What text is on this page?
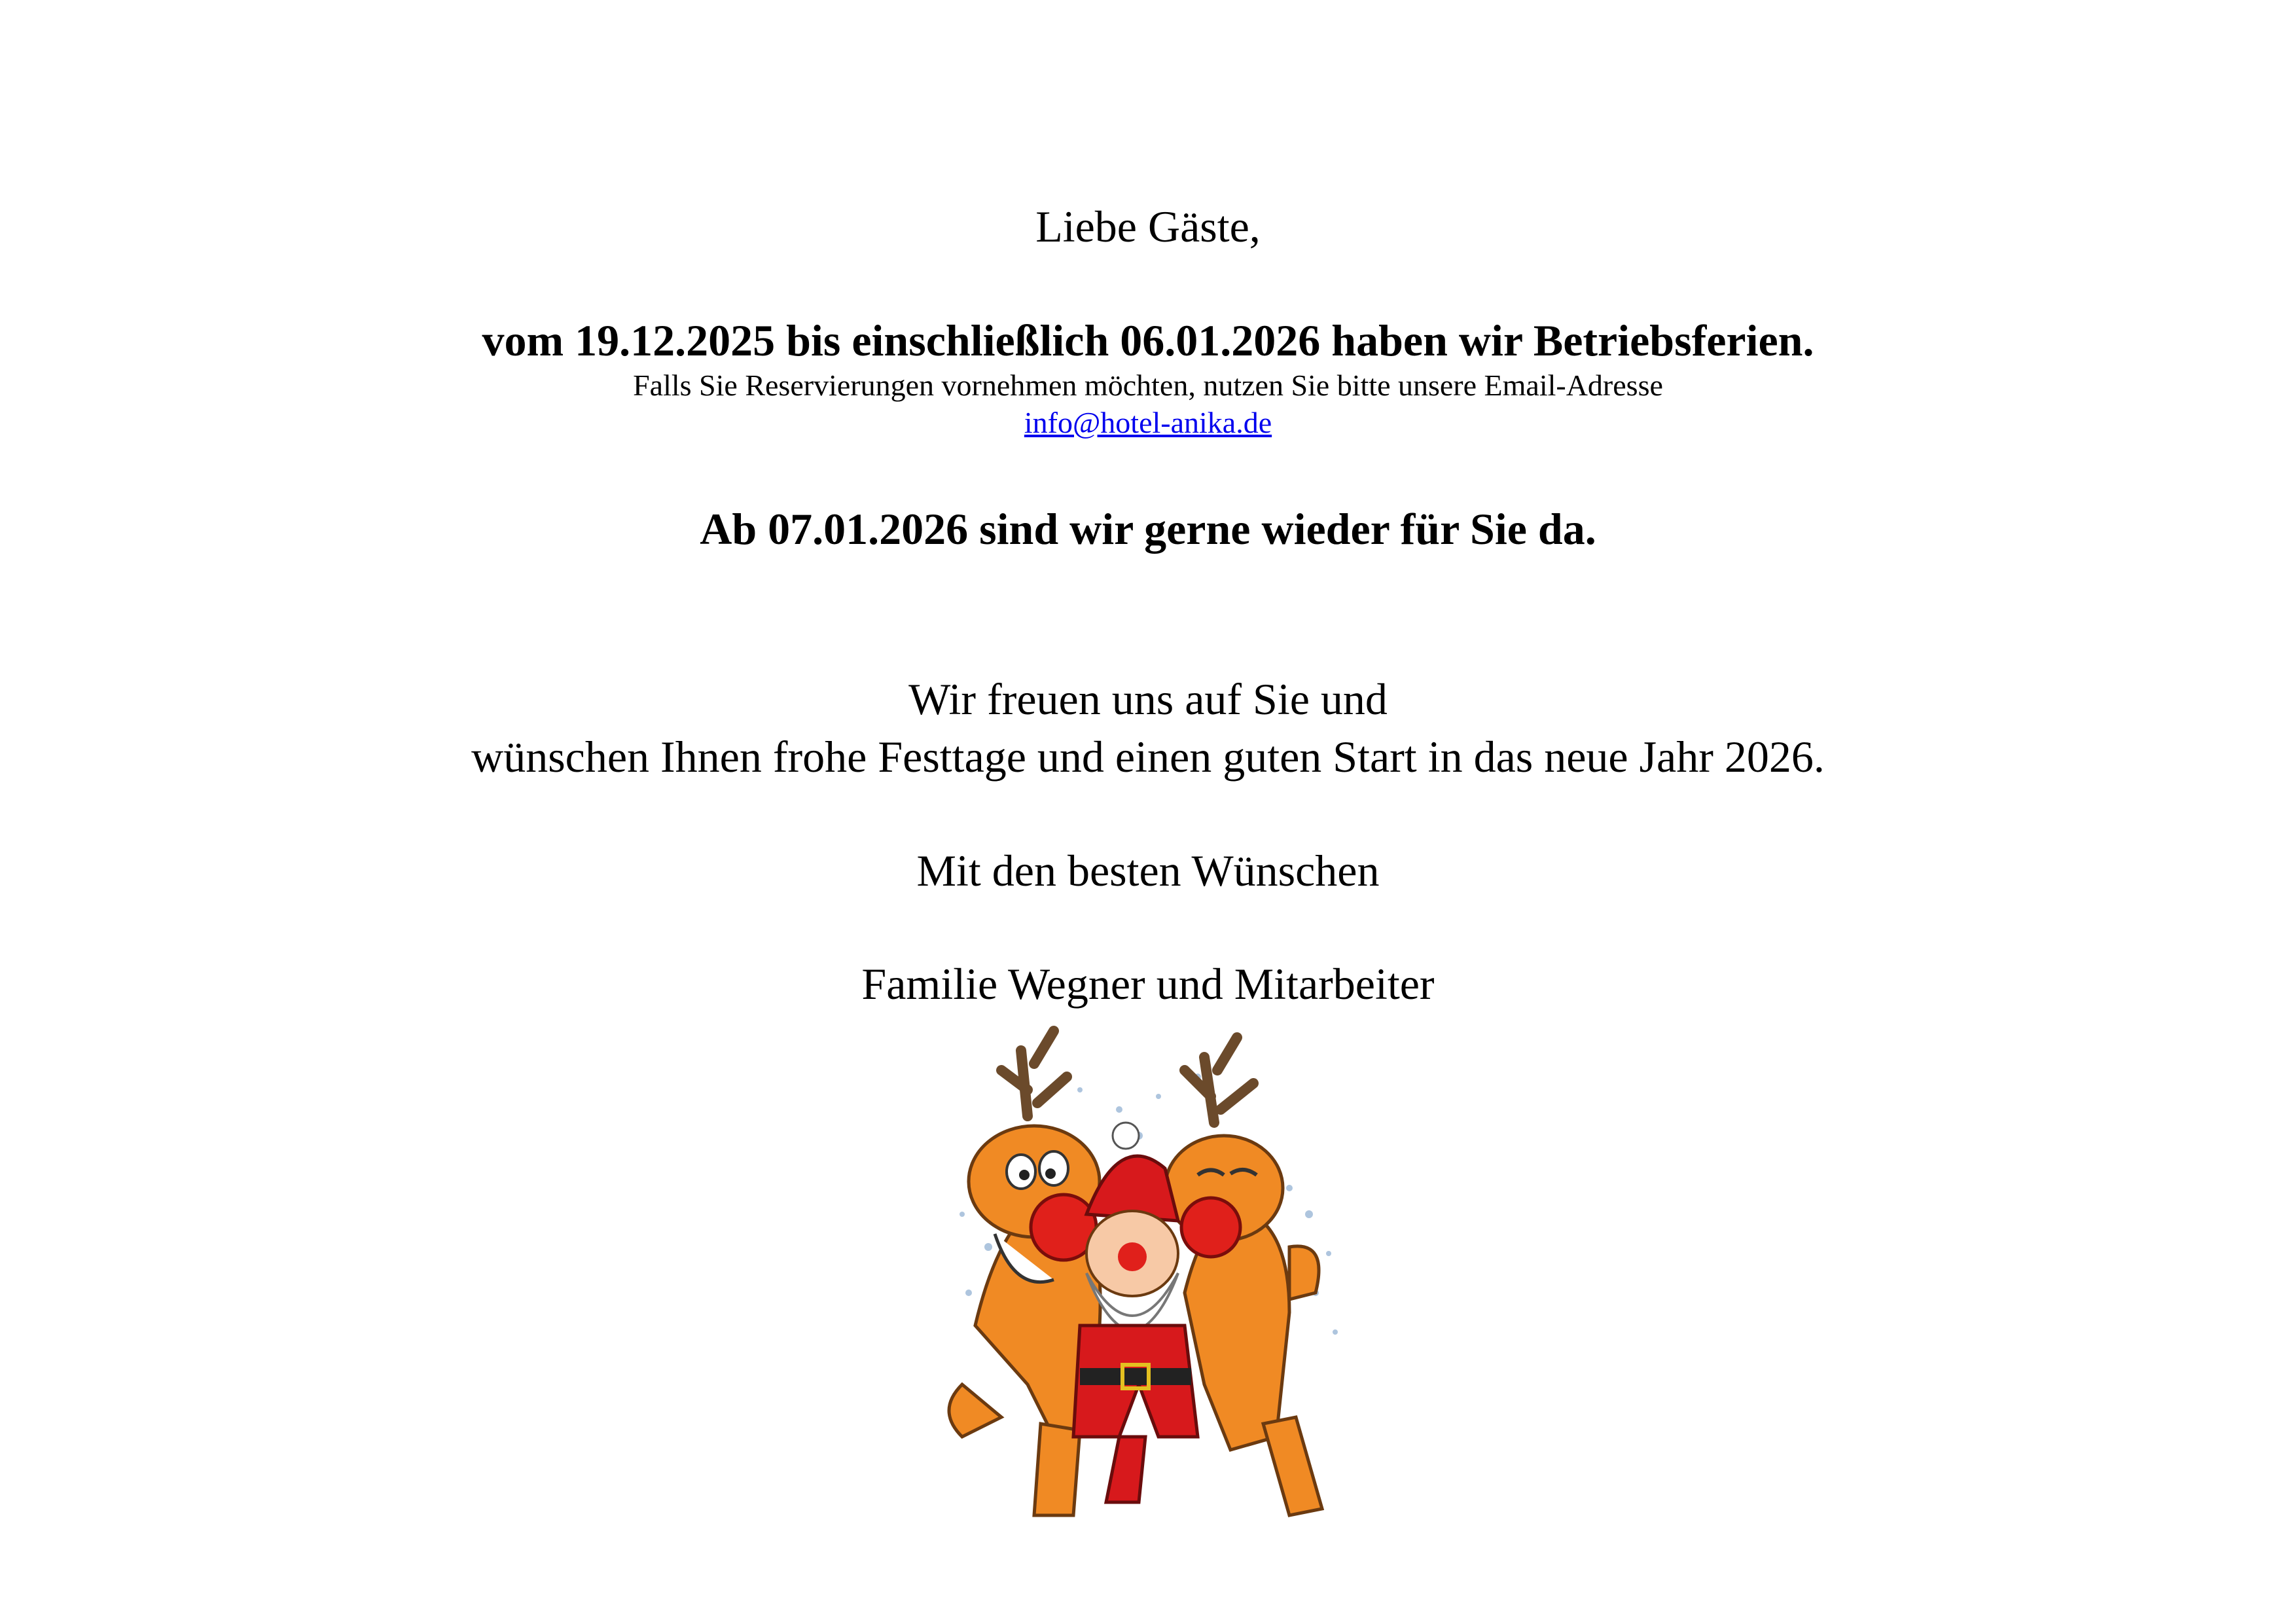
Liebe Gäste,
vom 19.12.2025 bis einschließlich 06.01.2026 haben wir Betriebsferien.
Falls Sie Reservierungen vornehmen möchten, nutzen Sie bitte unsere Email-Adresse
info@hotel-anika.de
Ab 07.01.2026 sind wir gerne wieder für Sie da.
Wir freuen uns auf Sie und
wünschen Ihnen frohe Festtage und einen guten Start in das neue Jahr 2026.
Mit den besten Wünschen
Familie Wegner und Mitarbeiter
